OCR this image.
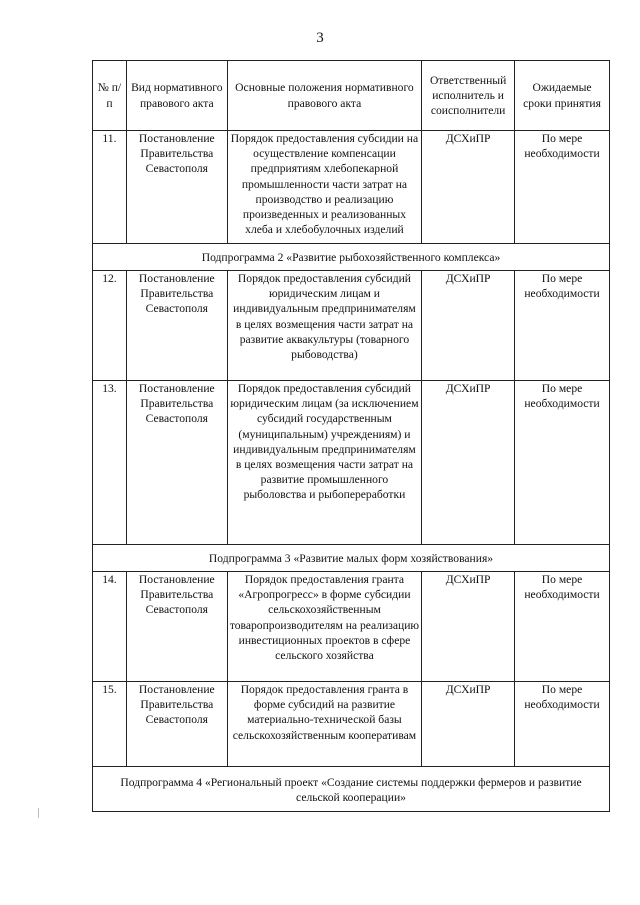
3
№ п/п	Вид нормативного правового акта	Основные положения нормативного правового акта	Ответственный исполнитель и соисполнители	Ожидаемые сроки принятия
11.	Постановление Правительства Севастополя	Порядок предоставления субсидии на осуществление компенсации предприятиям хлебопекарной промышленности части затрат на производство и реализацию произведенных и реализованных хлеба и хлебобулочных изделий	ДСХиПР	По мере необходимости
Подпрограмма 2 «Развитие рыбохозяйственного комплекса»				
12.	Постановление Правительства Севастополя	Порядок предоставления субсидий юридическим лицам и индивидуальным предпринимателям в целях возмещения части затрат на развитие аквакультуры (товарного рыбоводства)	ДСХиПР	По мере необходимости
13.	Постановление Правительства Севастополя	Порядок предоставления субсидий юридическим лицам (за исключением субсидий государственным (муниципальным) учреждениям) и индивидуальным предпринимателям в целях возмещения части затрат на развитие промышленного рыболовства и рыбопереработки	ДСХиПР	По мере необходимости
Подпрограмма 3 «Развитие малых форм хозяйствования»				
14.	Постановление Правительства Севастополя	Порядок предоставления гранта «Агропрогресс» в форме субсидии сельскохозяйственным товаропроизводителям на реализацию инвестиционных проектов в сфере сельского хозяйства	ДСХиПР	По мере необходимости
15.	Постановление Правительства Севастополя	Порядок предоставления гранта в форме субсидий на развитие материально-технической базы сельскохозяйственным кооперативам	ДСХиПР	По мере необходимости
Подпрограмма 4 «Региональный проект «Создание системы поддержки фермеров и развитие сельской кооперации»				
